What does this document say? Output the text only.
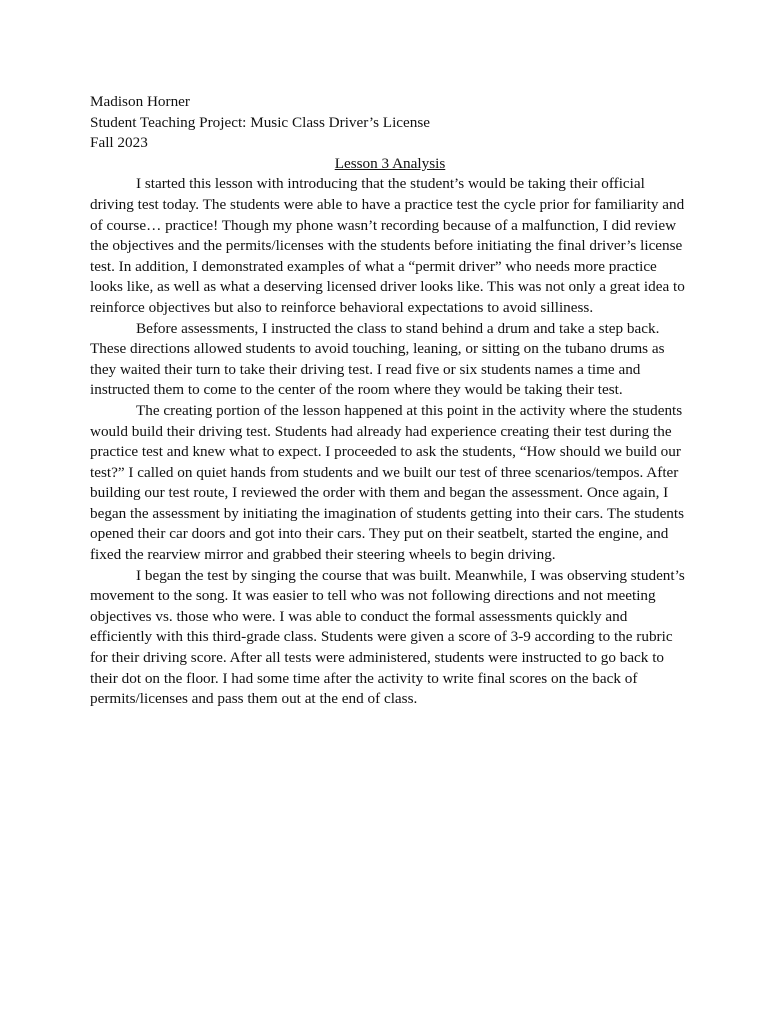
Madison Horner
Student Teaching Project: Music Class Driver’s License
Fall 2023
Lesson 3 Analysis

I started this lesson with introducing that the student’s would be taking their official driving test today. The students were able to have a practice test the cycle prior for familiarity and of course… practice! Though my phone wasn’t recording because of a malfunction, I did review the objectives and the permits/licenses with the students before initiating the final driver’s license test. In addition, I demonstrated examples of what a “permit driver” who needs more practice looks like, as well as what a deserving licensed driver looks like. This was not only a great idea to reinforce objectives but also to reinforce behavioral expectations to avoid silliness.

Before assessments, I instructed the class to stand behind a drum and take a step back. These directions allowed students to avoid touching, leaning, or sitting on the tubano drums as they waited their turn to take their driving test. I read five or six students names a time and instructed them to come to the center of the room where they would be taking their test.

The creating portion of the lesson happened at this point in the activity where the students would build their driving test. Students had already had experience creating their test during the practice test and knew what to expect. I proceeded to ask the students, “How should we build our test?” I called on quiet hands from students and we built our test of three scenarios/tempos. After building our test route, I reviewed the order with them and began the assessment. Once again, I began the assessment by initiating the imagination of students getting into their cars. The students opened their car doors and got into their cars. They put on their seatbelt, started the engine, and fixed the rearview mirror and grabbed their steering wheels to begin driving.

I began the test by singing the course that was built. Meanwhile, I was observing student’s movement to the song. It was easier to tell who was not following directions and not meeting objectives vs. those who were. I was able to conduct the formal assessments quickly and efficiently with this third-grade class. Students were given a score of 3-9 according to the rubric for their driving score. After all tests were administered, students were instructed to go back to their dot on the floor. I had some time after the activity to write final scores on the back of permits/licenses and pass them out at the end of class.
